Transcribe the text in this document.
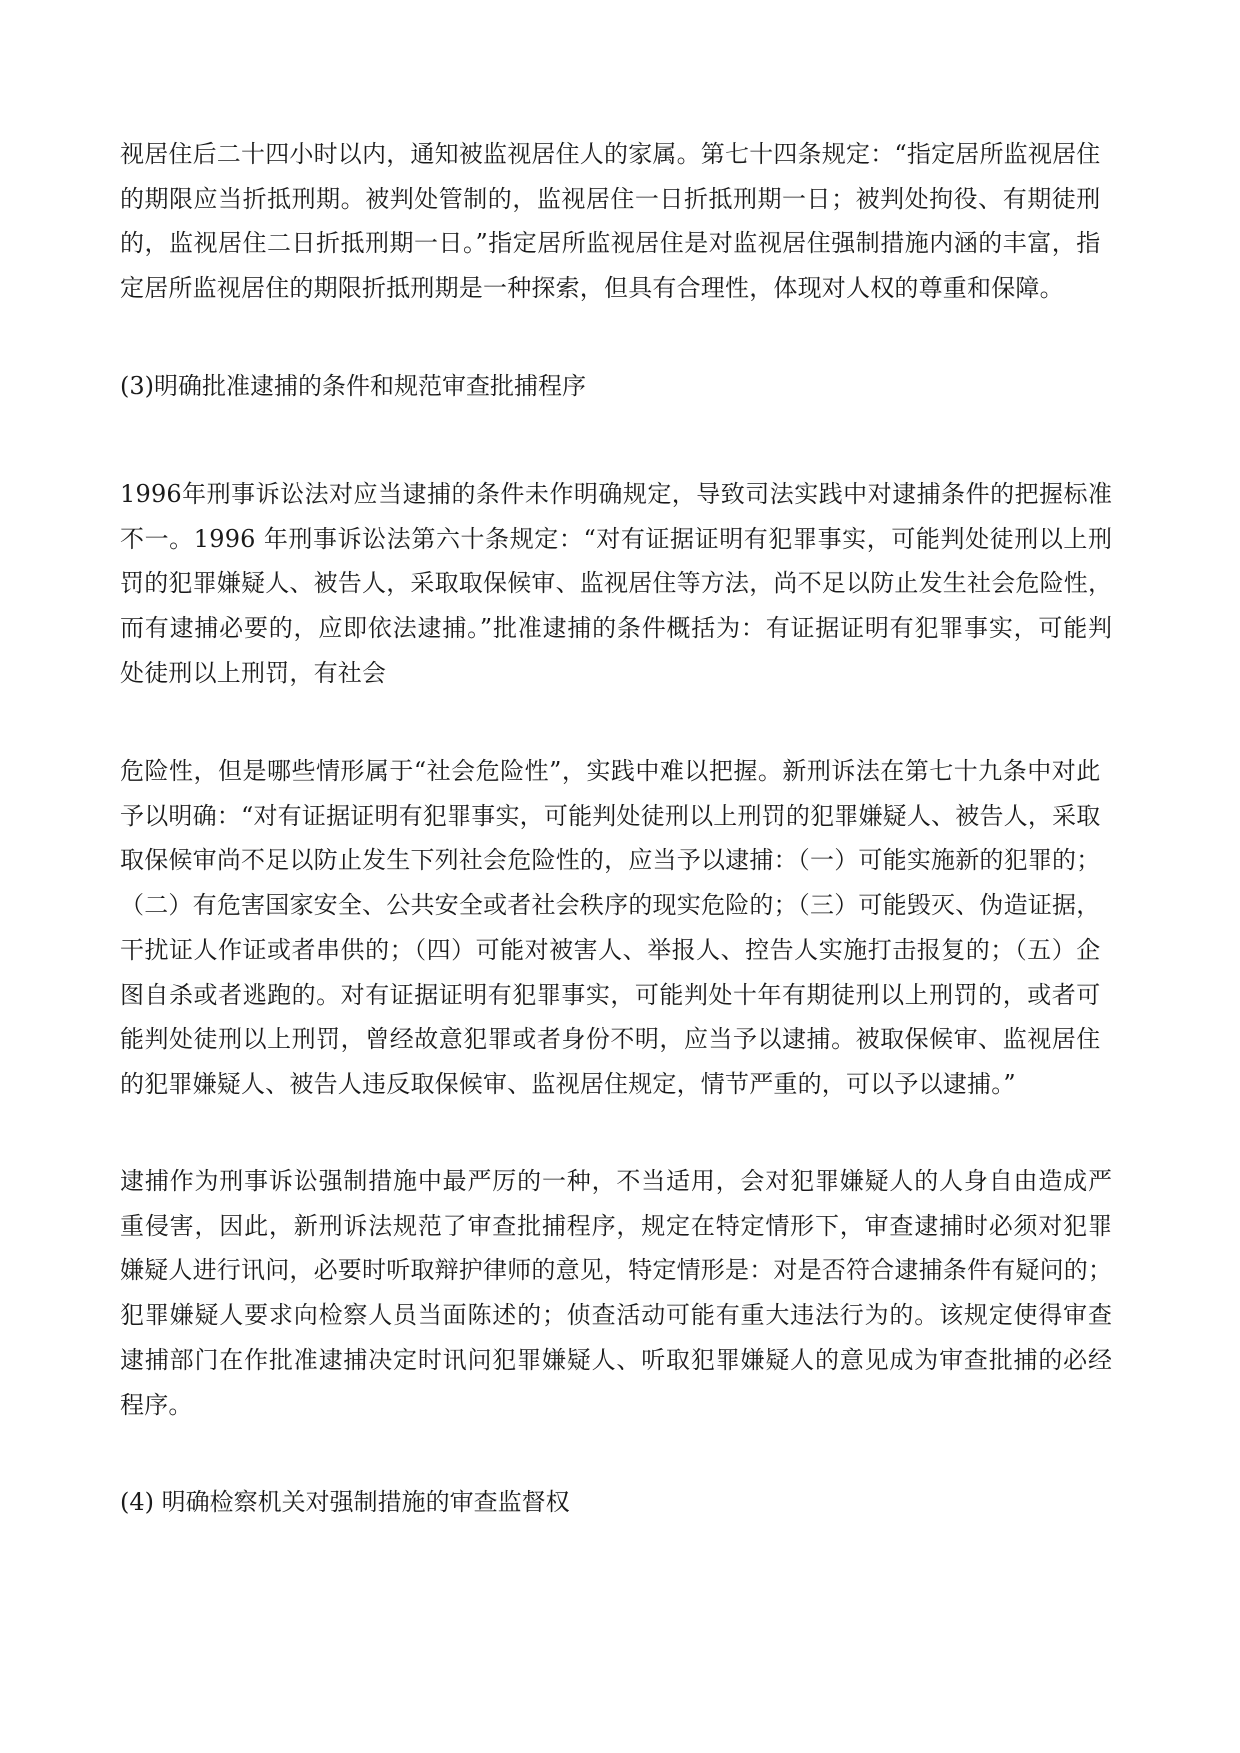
视居住后二十四小时以内，通知被监视居住人的家属。第七十四条规定：“指定居所监视居住
的期限应当折抵刑期。被判处管制的，监视居住一日折抵刑期一日；被判处拘役、有期徒刑
的，监视居住二日折抵刑期一日。”指定居所监视居住是对监视居住强制措施内涵的丰富，指
定居所监视居住的期限折抵刑期是一种探索，但具有合理性，体现对人权的尊重和保障。
(3)明确批准逮捕的条件和规范审查批捕程序
1996年刑事诉讼法对应当逮捕的条件未作明确规定，导致司法实践中对逮捕条件的把握标准
不一。1996 年刑事诉讼法第六十条规定：“对有证据证明有犯罪事实，可能判处徒刑以上刑
罚的犯罪嫌疑人、被告人，采取取保候审、监视居住等方法，尚不足以防止发生社会危险性，
而有逮捕必要的，应即依法逮捕。”批准逮捕的条件概括为：有证据证明有犯罪事实，可能判
处徒刑以上刑罚，有社会
危险性，但是哪些情形属于“社会危险性”，实践中难以把握。新刑诉法在第七十九条中对此
予以明确：“对有证据证明有犯罪事实，可能判处徒刑以上刑罚的犯罪嫌疑人、被告人，采取
取保候审尚不足以防止发生下列社会危险性的，应当予以逮捕：（一）可能实施新的犯罪的；
（二）有危害国家安全、公共安全或者社会秩序的现实危险的；（三）可能毁灭、伪造证据，
干扰证人作证或者串供的；（四）可能对被害人、举报人、控告人实施打击报复的；（五）企
图自杀或者逃跑的。对有证据证明有犯罪事实，可能判处十年有期徒刑以上刑罚的，或者可
能判处徒刑以上刑罚，曾经故意犯罪或者身份不明，应当予以逮捕。被取保候审、监视居住
的犯罪嫌疑人、被告人违反取保候审、监视居住规定，情节严重的，可以予以逮捕。”
逮捕作为刑事诉讼强制措施中最严厉的一种，不当适用，会对犯罪嫌疑人的人身自由造成严
重侵害，因此，新刑诉法规范了审查批捕程序，规定在特定情形下，审查逮捕时必须对犯罪
嫌疑人进行讯问，必要时听取辩护律师的意见，特定情形是：对是否符合逮捕条件有疑问的；
犯罪嫌疑人要求向检察人员当面陈述的；侦查活动可能有重大违法行为的。该规定使得审查
逮捕部门在作批准逮捕决定时讯问犯罪嫌疑人、听取犯罪嫌疑人的意见成为审查批捕的必经
程序。
(4) 明确检察机关对强制措施的审查监督权
